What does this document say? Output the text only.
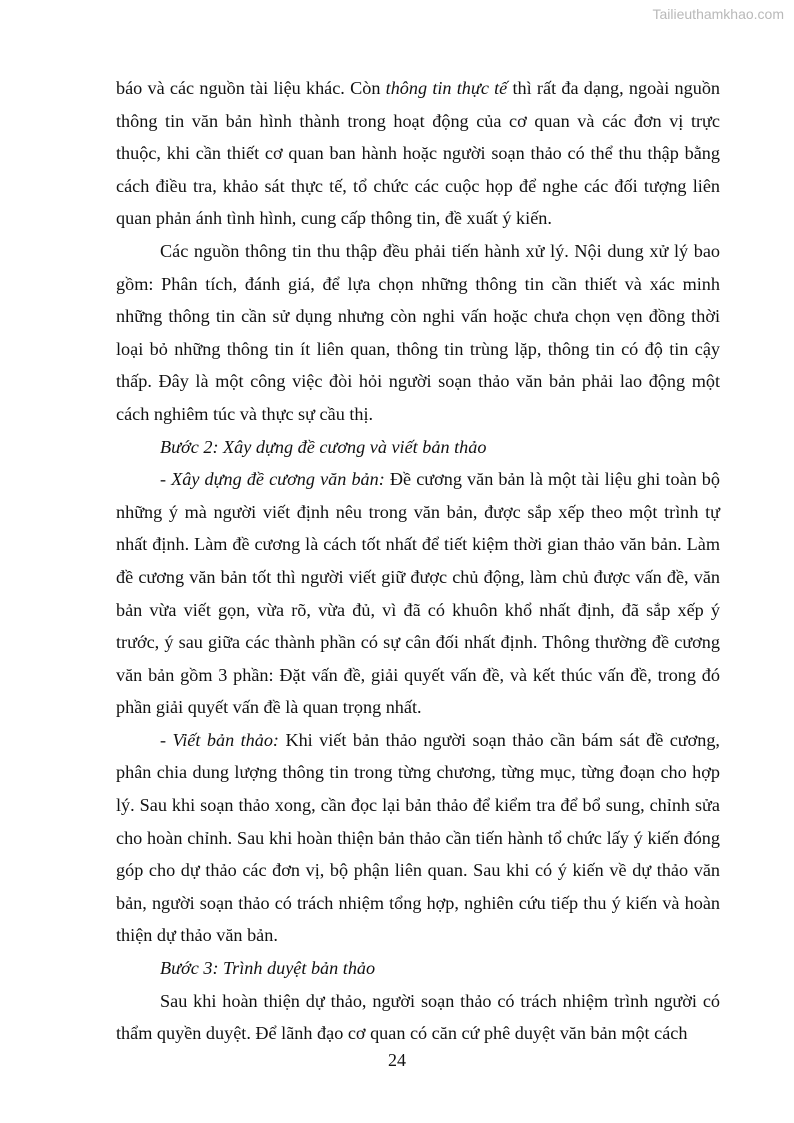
Tailieuthamkhao.com

báo và các nguồn tài liệu khác. Còn thông tin thực tế thì rất đa dạng, ngoài nguồn thông tin văn bản hình thành trong hoạt động của cơ quan và các đơn vị trực thuộc, khi cần thiết cơ quan ban hành hoặc người soạn thảo có thể thu thập bằng cách điều tra, khảo sát thực tế, tổ chức các cuộc họp để nghe các đối tượng liên quan phản ánh tình hình, cung cấp thông tin, đề xuất ý kiến.

Các nguồn thông tin thu thập đều phải tiến hành xử lý. Nội dung xử lý bao gồm: Phân tích, đánh giá, để lựa chọn những thông tin cần thiết và xác minh những thông tin cần sử dụng nhưng còn nghi vấn hoặc chưa chọn vẹn đồng thời loại bỏ những thông tin ít liên quan, thông tin trùng lặp, thông tin có độ tin cậy thấp. Đây là một công việc đòi hỏi người soạn thảo văn bản phải lao động một cách nghiêm túc và thực sự cầu thị.

Bước 2: Xây dựng đề cương và viết bản thảo

- Xây dựng đề cương văn bản: Đề cương văn bản là một tài liệu ghi toàn bộ những ý mà người viết định nêu trong văn bản, được sắp xếp theo một trình tự nhất định. Làm đề cương là cách tốt nhất để tiết kiệm thời gian thảo văn bản. Làm đề cương văn bản tốt thì người viết giữ được chủ động, làm chủ được vấn đề, văn bản vừa viết gọn, vừa rõ, vừa đủ, vì đã có khuôn khổ nhất định, đã sắp xếp ý trước, ý sau giữa các thành phần có sự cân đối nhất định. Thông thường đề cương văn bản gồm 3 phần: Đặt vấn đề, giải quyết vấn đề, và kết thúc vấn đề, trong đó phần giải quyết vấn đề là quan trọng nhất.

- Viết bản thảo: Khi viết bản thảo người soạn thảo cần bám sát đề cương, phân chia dung lượng thông tin trong từng chương, từng mục, từng đoạn cho hợp lý. Sau khi soạn thảo xong, cần đọc lại bản thảo để kiểm tra để bổ sung, chỉnh sửa cho hoàn chỉnh. Sau khi hoàn thiện bản thảo cần tiến hành tổ chức lấy ý kiến đóng góp cho dự thảo các đơn vị, bộ phận liên quan. Sau khi có ý kiến về dự thảo văn bản, người soạn thảo có trách nhiệm tổng hợp, nghiên cứu tiếp thu ý kiến và hoàn thiện dự thảo văn bản.

Bước 3: Trình duyệt bản thảo

Sau khi hoàn thiện dự thảo, người soạn thảo có trách nhiệm trình người có thẩm quyền duyệt. Để lãnh đạo cơ quan có căn cứ phê duyệt văn bản một cách

24
